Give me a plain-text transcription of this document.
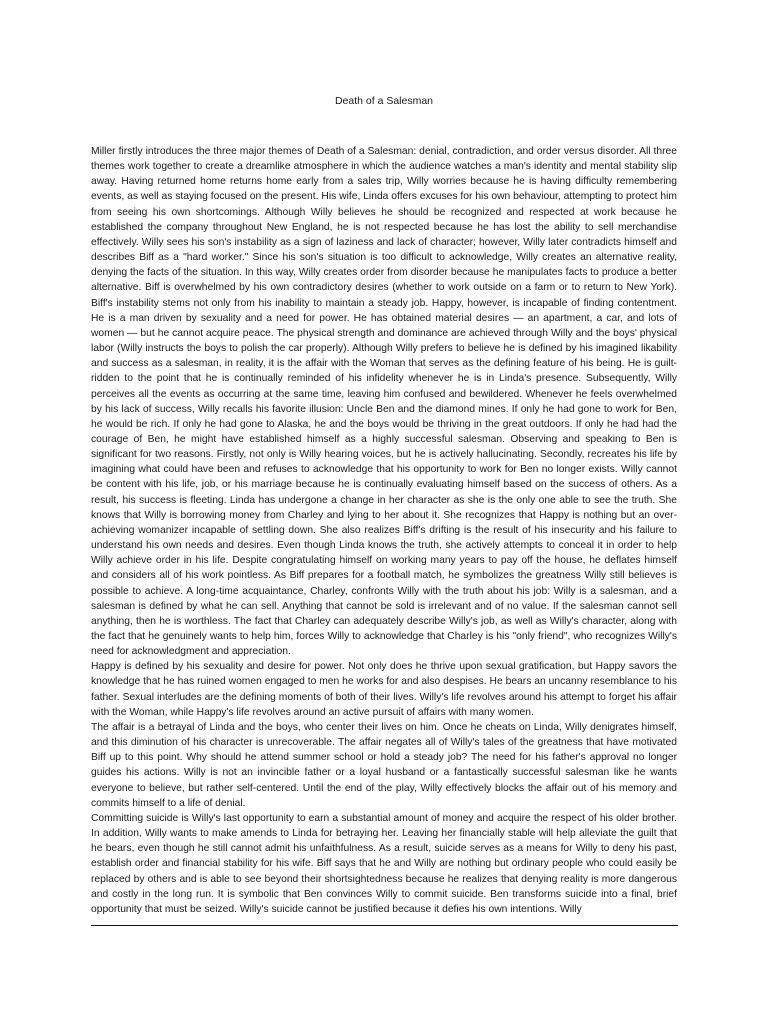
Death of a Salesman

Miller firstly introduces the three major themes of Death of a Salesman: denial, contradiction, and order versus disorder. All three themes work together to create a dreamlike atmosphere in which the audience watches a man's identity and mental stability slip away. Having returned home returns home early from a sales trip, Willy worries because he is having difficulty remembering events, as well as staying focused on the present. His wife, Linda offers excuses for his own behaviour, attempting to protect him from seeing his own shortcomings. Although Willy believes he should be recognized and respected at work because he established the company throughout New England, he is not respected because he has lost the ability to sell merchandise effectively. Willy sees his son's instability as a sign of laziness and lack of character; however, Willy later contradicts himself and describes Biff as a "hard worker." Since his son's situation is too difficult to acknowledge, Willy creates an alternative reality, denying the facts of the situation. In this way, Willy creates order from disorder because he manipulates facts to produce a better alternative. Biff is overwhelmed by his own contradictory desires (whether to work outside on a farm or to return to New York). Biff's instability stems not only from his inability to maintain a steady job. Happy, however, is incapable of finding contentment. He is a man driven by sexuality and a need for power. He has obtained material desires — an apartment, a car, and lots of women — but he cannot acquire peace. The physical strength and dominance are achieved through Willy and the boys' physical labor (Willy instructs the boys to polish the car properly). Although Willy prefers to believe he is defined by his imagined likability and success as a salesman, in reality, it is the affair with the Woman that serves as the defining feature of his being. He is guilt-ridden to the point that he is continually reminded of his infidelity whenever he is in Linda's presence. Subsequently, Willy perceives all the events as occurring at the same time, leaving him confused and bewildered. Whenever he feels overwhelmed by his lack of success, Willy recalls his favorite illusion: Uncle Ben and the diamond mines. If only he had gone to work for Ben, he would be rich. If only he had gone to Alaska, he and the boys would be thriving in the great outdoors. If only he had had the courage of Ben, he might have established himself as a highly successful salesman. Observing and speaking to Ben is significant for two reasons. Firstly, not only is Willy hearing voices, but he is actively hallucinating. Secondly, recreates his life by imagining what could have been and refuses to acknowledge that his opportunity to work for Ben no longer exists. Willy cannot be content with his life, job, or his marriage because he is continually evaluating himself based on the success of others. As a result, his success is fleeting. Linda has undergone a change in her character as she is the only one able to see the truth. She knows that Willy is borrowing money from Charley and lying to her about it. She recognizes that Happy is nothing but an over-achieving womanizer incapable of settling down. She also realizes Biff's drifting is the result of his insecurity and his failure to understand his own needs and desires. Even though Linda knows the truth, she actively attempts to conceal it in order to help Willy achieve order in his life. Despite congratulating himself on working many years to pay off the house, he deflates himself and considers all of his work pointless. As Biff prepares for a football match, he symbolizes the greatness Willy still believes is possible to achieve. A long-time acquaintance, Charley, confronts Willy with the truth about his job: Willy is a salesman, and a salesman is defined by what he can sell. Anything that cannot be sold is irrelevant and of no value. If the salesman cannot sell anything, then he is worthless. The fact that Charley can adequately describe Willy's job, as well as Willy's character, along with the fact that he genuinely wants to help him, forces Willy to acknowledge that Charley is his "only friend", who recognizes Willy's need for acknowledgment and appreciation.

Happy is defined by his sexuality and desire for power. Not only does he thrive upon sexual gratification, but Happy savors the knowledge that he has ruined women engaged to men he works for and also despises. He bears an uncanny resemblance to his father. Sexual interludes are the defining moments of both of their lives. Willy's life revolves around his attempt to forget his affair with the Woman, while Happy's life revolves around an active pursuit of affairs with many women.

The affair is a betrayal of Linda and the boys, who center their lives on him. Once he cheats on Linda, Willy denigrates himself, and this diminution of his character is unrecoverable. The affair negates all of Willy's tales of the greatness that have motivated Biff up to this point. Why should he attend summer school or hold a steady job? The need for his father's approval no longer guides his actions. Willy is not an invincible father or a loyal husband or a fantastically successful salesman like he wants everyone to believe, but rather self-centered. Until the end of the play, Willy effectively blocks the affair out of his memory and commits himself to a life of denial.

Committing suicide is Willy's last opportunity to earn a substantial amount of money and acquire the respect of his older brother. In addition, Willy wants to make amends to Linda for betraying her. Leaving her financially stable will help alleviate the guilt that he bears, even though he still cannot admit his unfaithfulness. As a result, suicide serves as a means for Willy to deny his past, establish order and financial stability for his wife. Biff says that he and Willy are nothing but ordinary people who could easily be replaced by others and is able to see beyond their shortsightedness because he realizes that denying reality is more dangerous and costly in the long run. It is symbolic that Ben convinces Willy to commit suicide. Ben transforms suicide into a final, brief opportunity that must be seized. Willy's suicide cannot be justified because it defies his own intentions. Willy
